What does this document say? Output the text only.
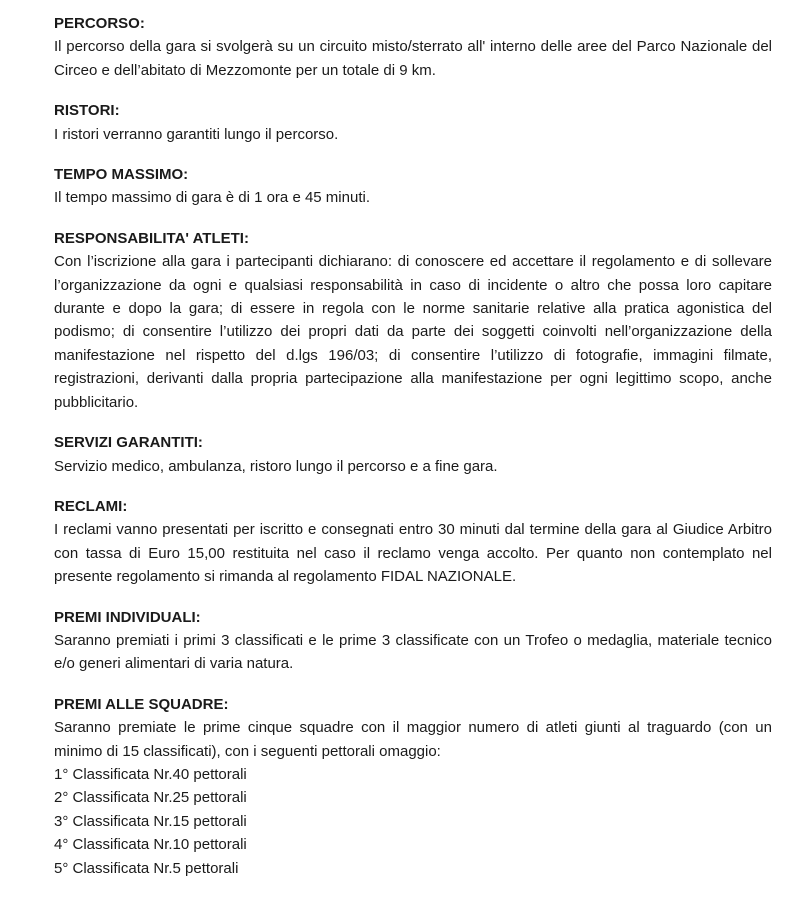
PERCORSO:

Il percorso della gara si svolgerà su un circuito misto/sterrato all' interno delle aree del Parco Nazionale del Circeo e dell’abitato di Mezzomonte per un totale di 9 km.

RISTORI:

I ristori verranno garantiti lungo il percorso.

TEMPO MASSIMO:

Il tempo massimo di gara è di 1 ora e 45 minuti.

RESPONSABILITA' ATLETI:

Con l’iscrizione alla gara i partecipanti dichiarano: di conoscere ed accettare il regolamento e di sollevare l’organizzazione da ogni e qualsiasi responsabilità in caso di incidente o altro che possa loro capitare durante e dopo la gara; di essere in regola con le norme sanitarie relative alla pratica agonistica del podismo; di consentire l’utilizzo dei propri dati da parte dei soggetti coinvolti nell’organizzazione della manifestazione nel rispetto del d.lgs 196/03; di consentire l’utilizzo di fotografie, immagini filmate, registrazioni, derivanti dalla propria partecipazione alla manifestazione per ogni legittimo scopo, anche pubblicitario.

SERVIZI GARANTITI:

Servizio medico, ambulanza, ristoro lungo il percorso e a fine gara.

RECLAMI:

I reclami vanno presentati per iscritto e consegnati entro 30 minuti dal termine della gara al Giudice Arbitro con tassa di Euro 15,00 restituita nel caso il reclamo venga accolto. Per quanto non contemplato nel presente regolamento si rimanda al regolamento FIDAL NAZIONALE.

PREMI INDIVIDUALI:

Saranno premiati i primi 3 classificati e le prime 3 classificate con un Trofeo o medaglia, materiale tecnico e/o generi alimentari di varia natura.

PREMI ALLE SQUADRE:

Saranno premiate le prime cinque squadre con il maggior numero di atleti giunti al traguardo (con un minimo di 15 classificati), con i seguenti pettorali omaggio:

1° Classificata Nr.40 pettorali
2° Classificata Nr.25 pettorali
3° Classificata Nr.15 pettorali
4° Classificata Nr.10 pettorali
5° Classificata Nr.5 pettorali
